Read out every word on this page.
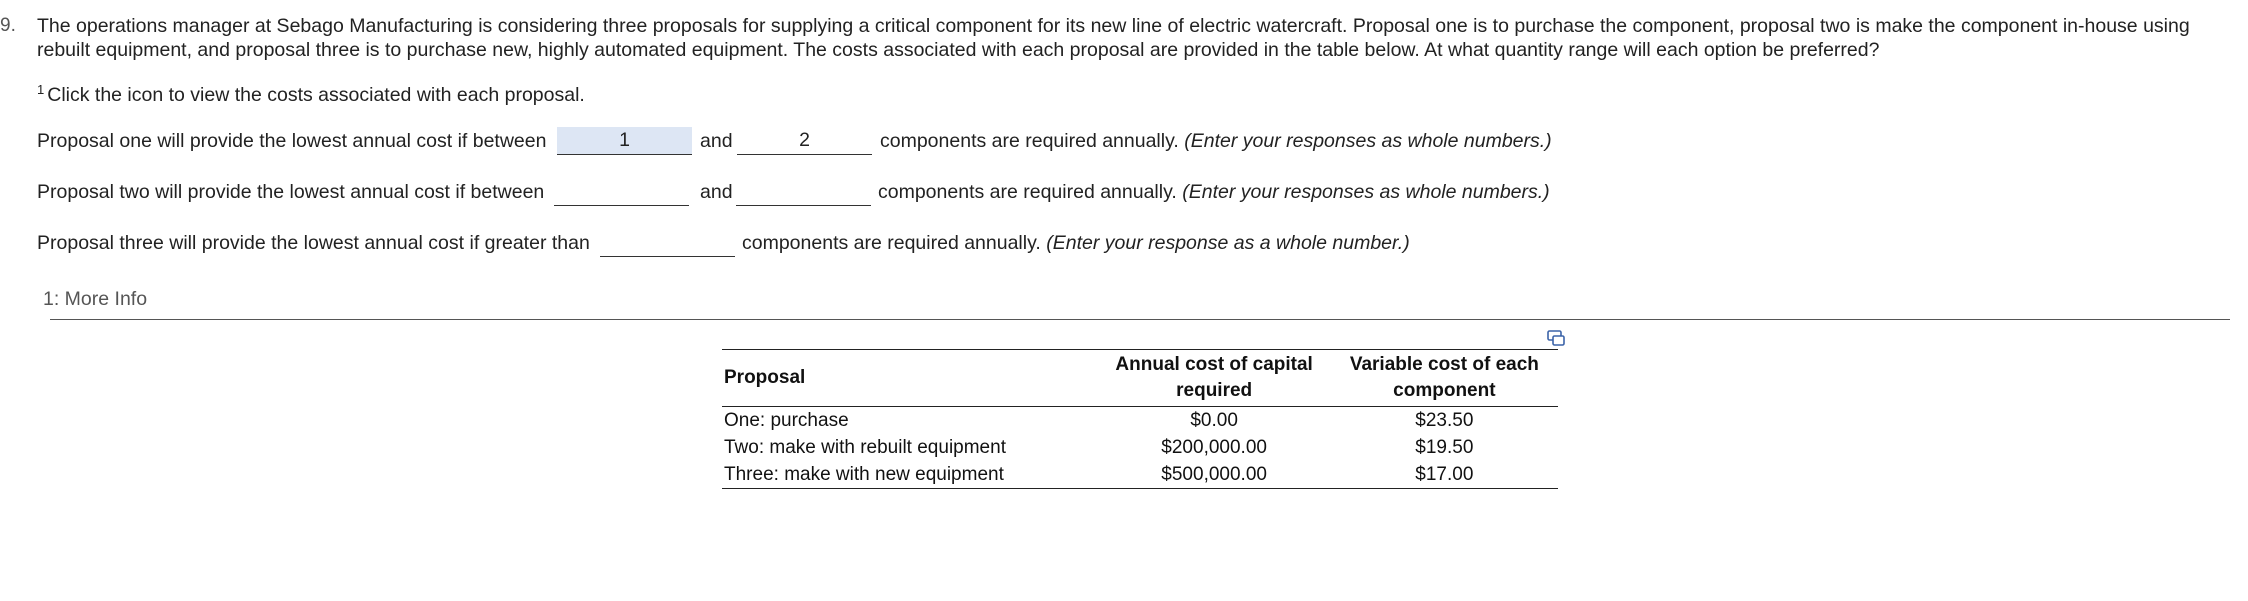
9. The operations manager at Sebago Manufacturing is considering three proposals for supplying a critical component for its new line of electric watercraft. Proposal one is to purchase the component, proposal two is make the component in-house using rebuilt equipment, and proposal three is to purchase new, highly automated equipment. The costs associated with each proposal are provided in the table below. At what quantity range will each option be preferred?

$^1$ Click the icon to view the costs associated with each proposal.
Proposal one will provide the lowest annual cost if between	1	and	2	components are required annually. (Enter your responses as whole numbers.)
Proposal two will provide the lowest annual cost if between	and	components are required annually. (Enter your responses as whole numbers.)
Proposal three will provide the lowest annual cost if greater than	components are required annually. (Enter your response as a whole number.)
1: More Info
Proposal	Annual cost of capital required	Variable cost of each component
One: purchase	$0.00	$23.50
Two: make with rebuilt equipment	$200,000.00	$19.50
Three: make with new equipment	$500,000.00	$17.00
